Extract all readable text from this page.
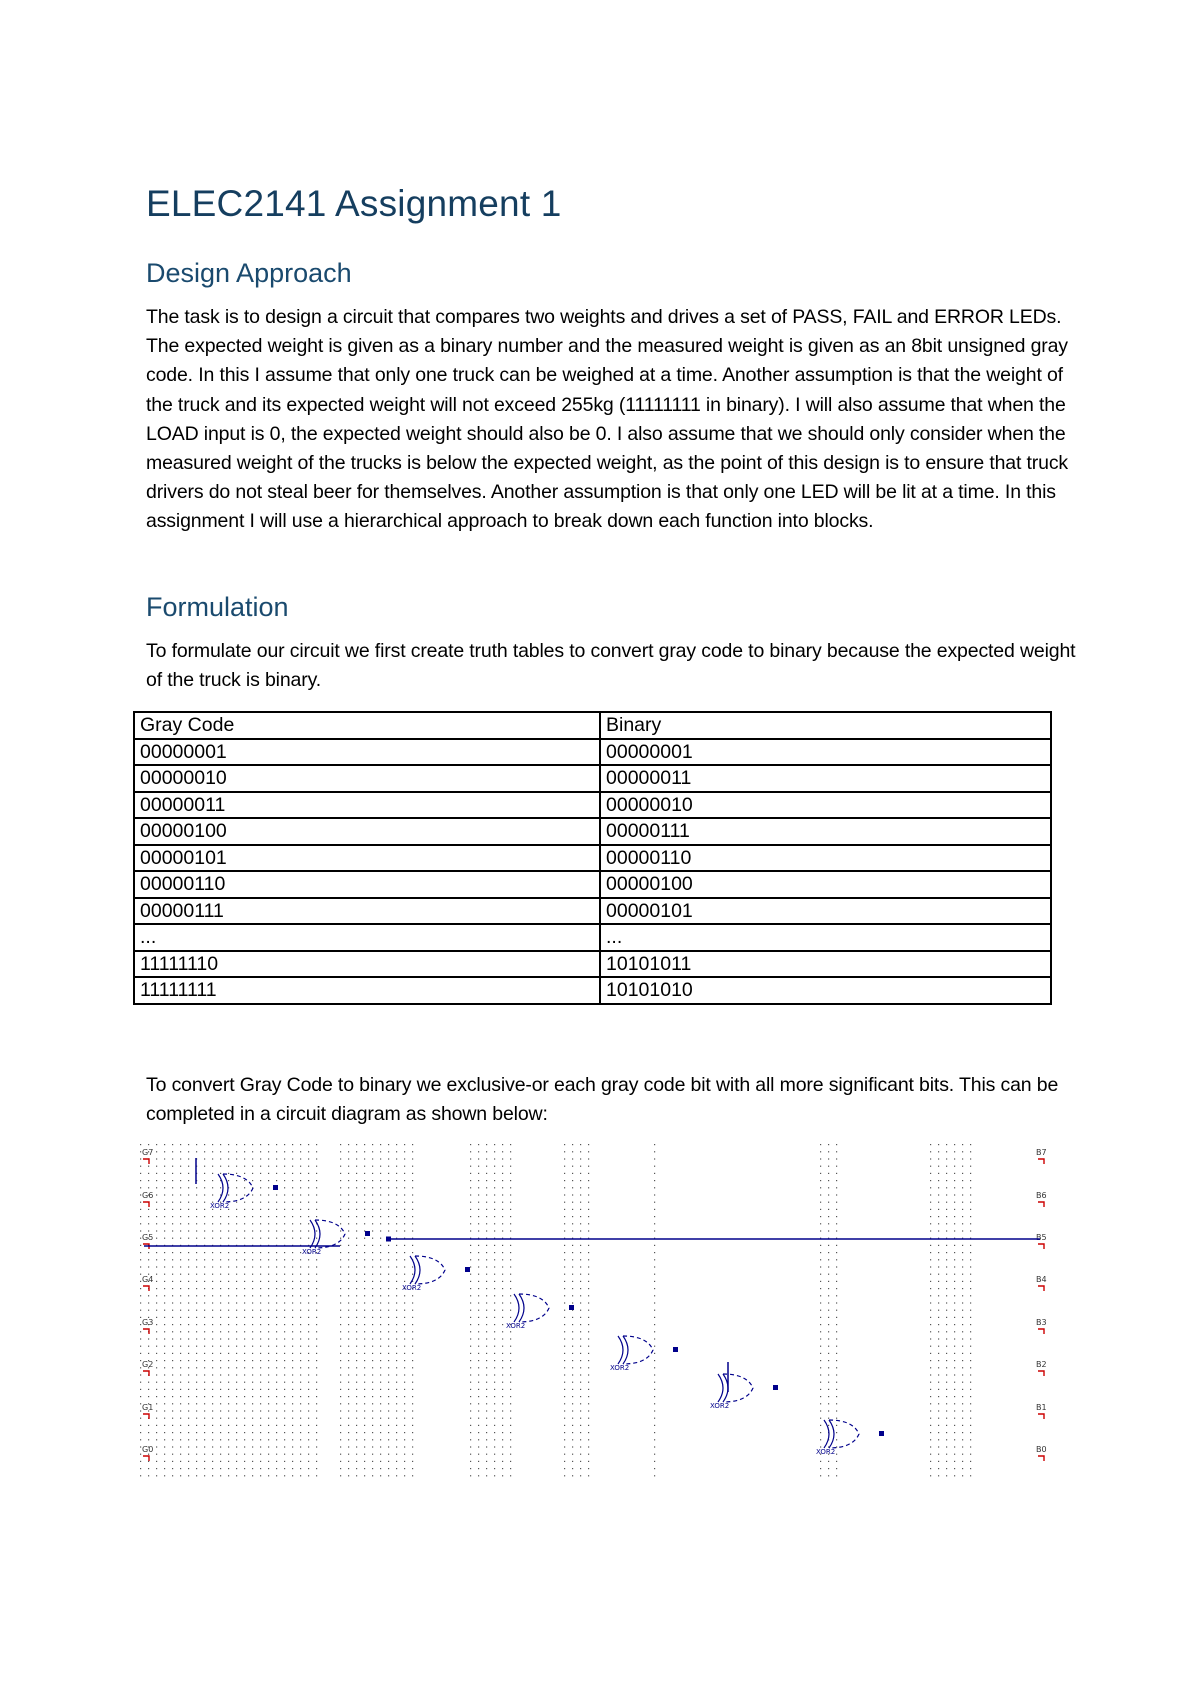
ELEC2141 Assignment 1
Design Approach

The task is to design a circuit that compares two weights and drives a set of PASS, FAIL and ERROR LEDs. The expected weight is given as a binary number and the measured weight is given as an 8bit unsigned gray code. In this I assume that only one truck can be weighed at a time. Another assumption is that the weight of the truck and its expected weight will not exceed 255kg (11111111 in binary). I will also assume that when the LOAD input is 0, the expected weight should also be 0. I also assume that we should only consider when the measured weight of the trucks is below the expected weight, as the point of this design is to ensure that truck drivers do not steal beer for themselves. Another assumption is that only one LED will be lit at a time. In this assignment I will use a hierarchical approach to break down each function into blocks.

Formulation

To formulate our circuit we first create truth tables to convert gray code to binary because the expected weight of the truck is binary.

Gray Code	Binary
00000001	00000001
00000010	00000011
00000011	00000010
00000100	00000111
00000101	00000110
00000110	00000100
00000111	00000101
...	...
11111110	10101011
11111111	10101010

To convert Gray Code to binary we exclusive-or each gray code bit with all more significant bits. This can be completed in a circuit diagram as shown below:

G7
G6
G5
G4
G3
G2
G1
G0
B7
B6
B5
B4
B3
B2
B1
B0
XOR2
XOR2
XOR2
XOR2
XOR2
XOR2
XOR2
